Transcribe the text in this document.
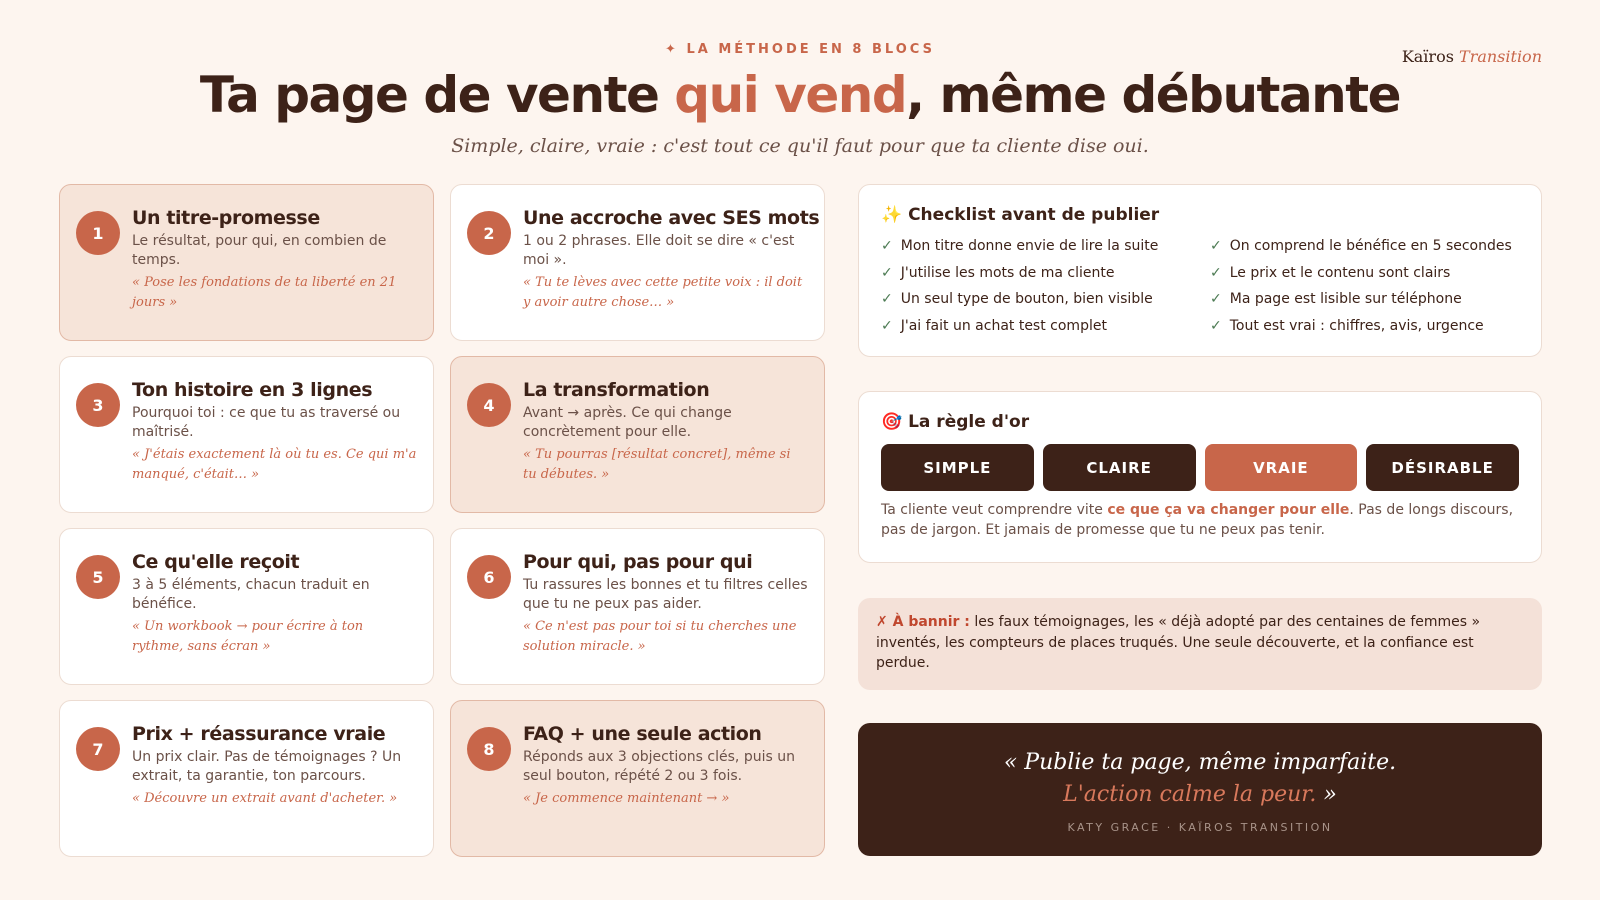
Kaïros Transition
✦ LA MÉTHODE EN 8 BLOCS
Ta page de vente qui vend, même débutante
Simple, claire, vraie : c'est tout ce qu'il faut pour que ta cliente dise oui.
1
Un titre-promesse

Le résultat, pour qui, en combien de temps.

« Pose les fondations de ta liberté en 21 jours »

2
Une accroche avec SES mots

1 ou 2 phrases. Elle doit se dire « c'est moi ».

« Tu te lèves avec cette petite voix : il doit y avoir autre chose… »

3
Ton histoire en 3 lignes

Pourquoi toi : ce que tu as traversé ou maîtrisé.

« J'étais exactement là où tu es. Ce qui m'a manqué, c'était… »

4
La transformation

Avant → après. Ce qui change concrètement pour elle.

« Tu pourras [résultat concret], même si tu débutes. »

5
Ce qu'elle reçoit

3 à 5 éléments, chacun traduit en bénéfice.

« Un workbook → pour écrire à ton rythme, sans écran »

6
Pour qui, pas pour qui

Tu rassures les bonnes et tu filtres celles que tu ne peux pas aider.

« Ce n'est pas pour toi si tu cherches une solution miracle. »

7
Prix + réassurance vraie

Un prix clair. Pas de témoignages ? Un extrait, ta garantie, ton parcours.

« Découvre un extrait avant d'acheter. »

8
FAQ + une seule action

Réponds aux 3 objections clés, puis un seul bouton, répété 2 ou 3 fois.

« Je commence maintenant → »

✨ Checklist avant de publier
✓ Mon titre donne envie de lire la suite
✓ J'utilise les mots de ma cliente
✓ Un seul type de bouton, bien visible
✓ J'ai fait un achat test complet
✓ On comprend le bénéfice en 5 secondes
✓ Le prix et le contenu sont clairs
✓ Ma page est lisible sur téléphone
✓ Tout est vrai : chiffres, avis, urgence
🎯 La règle d'or
SIMPLE	CLAIRE	VRAIE	DÉSIRABLE

Ta cliente veut comprendre vite ce que ça va changer pour elle. Pas de longs discours, pas de jargon. Et jamais de promesse que tu ne peux pas tenir.

✗ À bannir : les faux témoignages, les « déjà adopté par des centaines de femmes » inventés, les compteurs de places truqués. Une seule découverte, et la confiance est perdue.
« Publie ta page, même imparfaite.
L'action calme la peur. »
KATY GRACE · KAÏROS TRANSITION
